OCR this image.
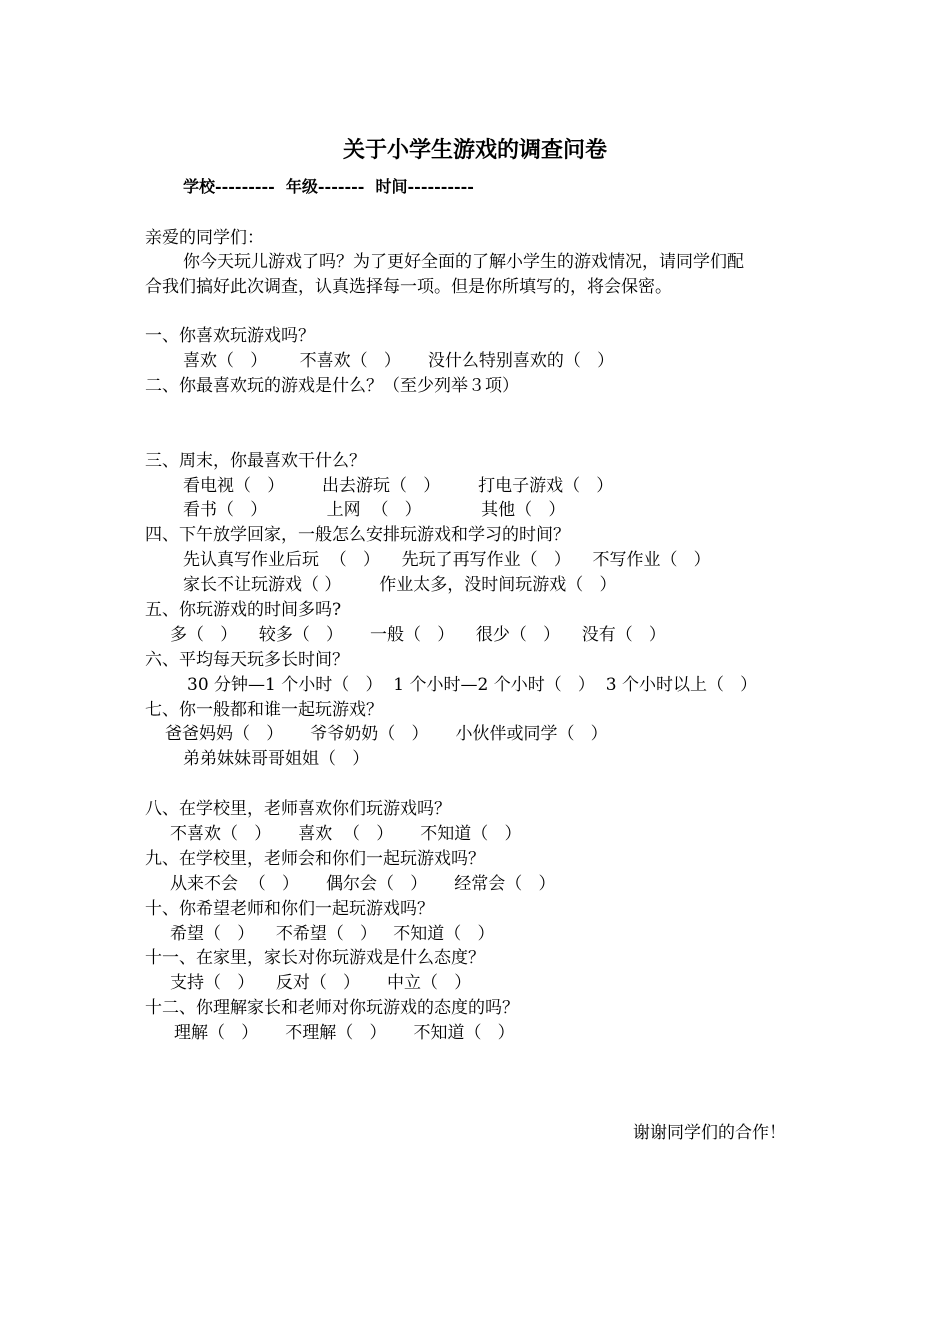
关于小学生游戏的调查问卷
学校---------  年级-------  时间----------
亲爱的同学们：
你今天玩儿游戏了吗？为了更好全面的了解小学生的游戏情况，请同学们配
合我们搞好此次调查，认真选择每一项。但是你所填写的，将会保密。
一、你喜欢玩游戏吗？
喜欢（   ）      不喜欢（   ）     没什么特别喜欢的（   ）
二、你最喜欢玩的游戏是什么？（至少列举３项）
三、周末，你最喜欢干什么？
看电视（   ）       出去游玩（   ）       打电子游戏（   ）
看书（   ）           上网  （   ）           其他（   ）
四、下午放学回家，一般怎么安排玩游戏和学习的时间？
先认真写作业后玩  （   ）    先玩了再写作业（   ）    不写作业（   ）
家长不让玩游戏（ ）       作业太多，没时间玩游戏（   ）
五、你玩游戏的时间多吗?
多（   ）    较多（   ）     一般（   ）    很少（   ）    没有（   ）
六、平均每天玩多长时间？
30 分钟—1 个小时（   ）  1 个小时—2 个小时（   ）  3 个小时以上（   ）
七、你一般都和谁一起玩游戏？
爸爸妈妈（   ）     爷爷奶奶（   ）     小伙伴或同学（   ）
弟弟妹妹哥哥姐姐（   ）
八、在学校里，老师喜欢你们玩游戏吗？
不喜欢（   ）     喜欢  （   ）     不知道（   ）
九、在学校里，老师会和你们一起玩游戏吗？
从来不会  （   ）     偶尔会（   ）     经常会（   ）
十、你希望老师和你们一起玩游戏吗？
希望（   ）    不希望（   ）   不知道（   ）
十一、在家里，家长对你玩游戏是什么态度？
支持（   ）    反对（   ）     中立（   ）
十二、你理解家长和老师对你玩游戏的态度的吗？
理解（   ）     不理解（   ）     不知道（   ）
谢谢同学们的合作！
